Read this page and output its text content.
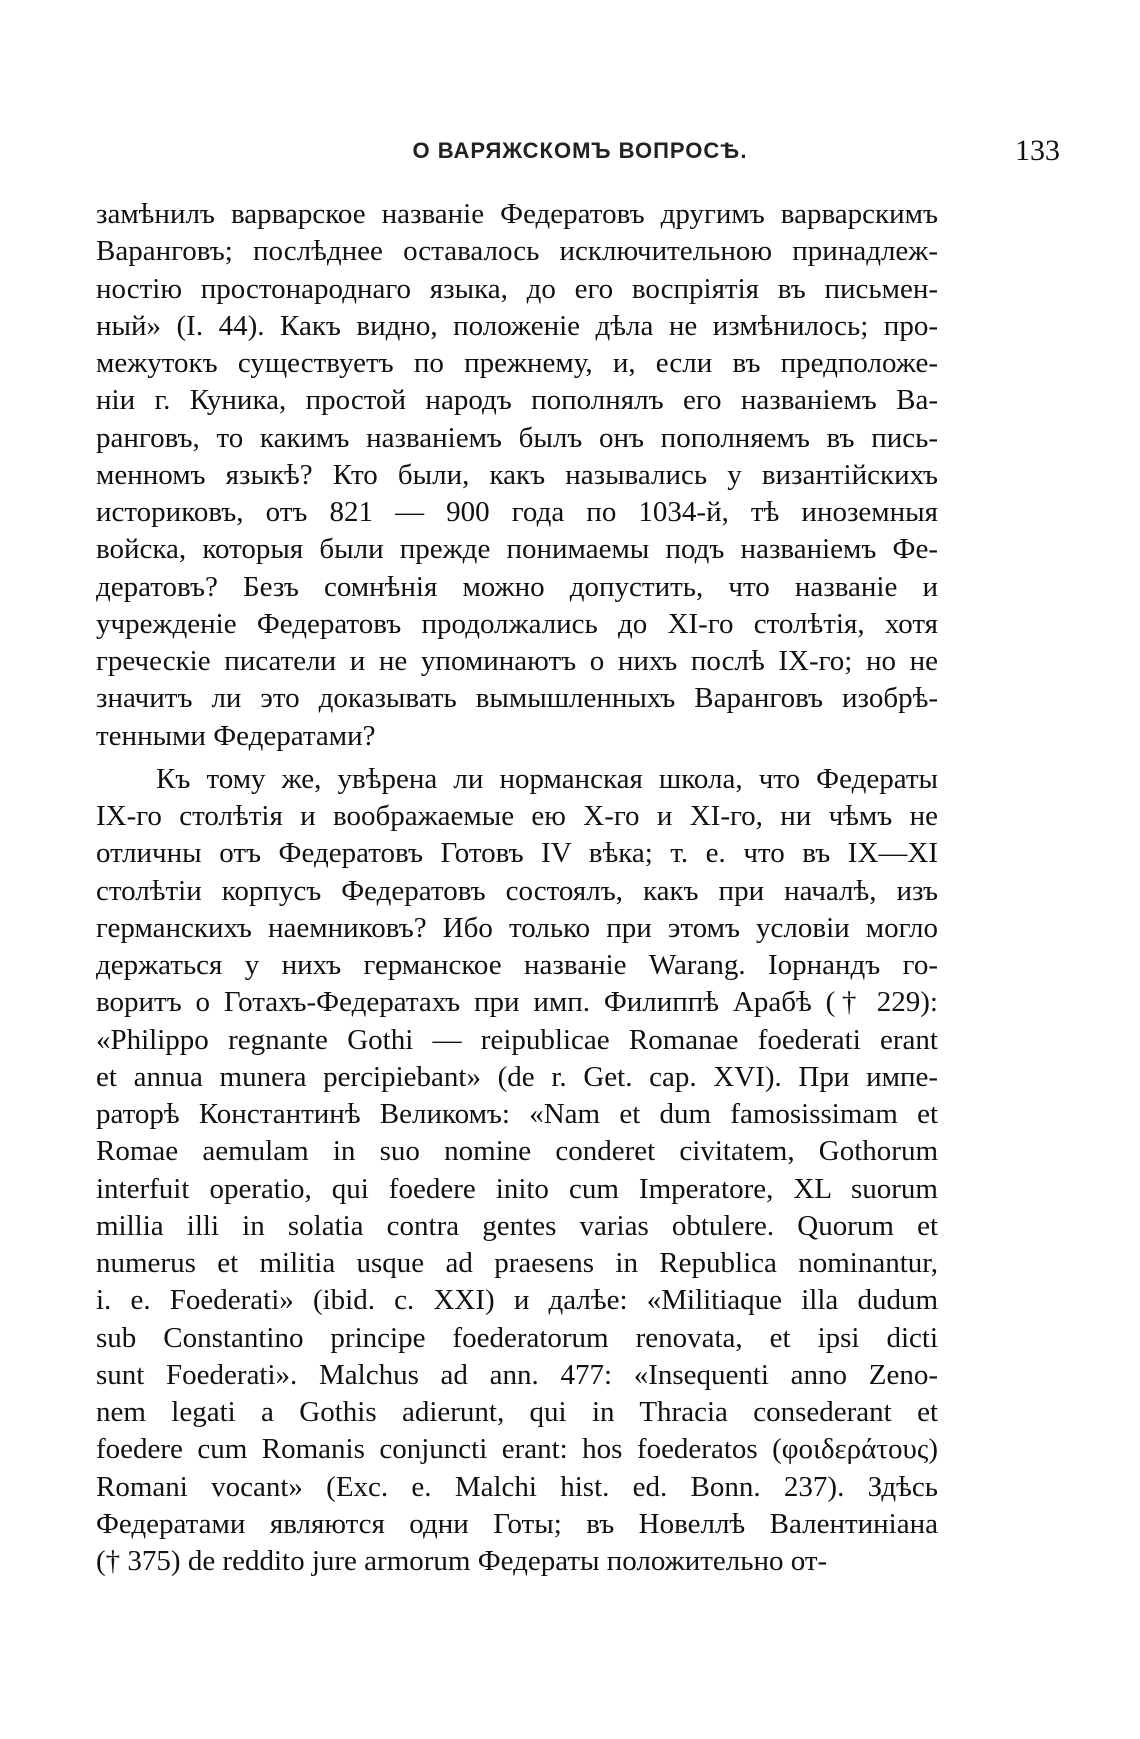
О ВАРЯЖСКОМЪ ВОПРОСѢ.	133
замѣнилъ варварское названіе Федератовъ другимъ варварскимъ
Варанговъ; послѣднее оставалось исключительною принадлеж-
ностію простонароднаго языка, до его воспріятія въ письмен-
ный» (I. 44). Какъ видно, положеніе дѣла не измѣнилось; про-
межутокъ существуетъ по прежнему, и, если въ предположе-
ніи г. Куника, простой народъ пополнялъ его названіемъ Ва-
ранговъ, то какимъ названіемъ былъ онъ пополняемъ въ пись-
менномъ языкѣ? Кто были, какъ назывались у византійскихъ
историковъ, отъ 821 — 900 года по 1034-й, тѣ иноземныя
войска, которыя были прежде понимаемы подъ названіемъ Фе-
дератовъ? Безъ сомнѣнія можно допустить, что названіе и
учрежденіе Федератовъ продолжались до XI-го столѣтія, хотя
греческіе писатели и не упоминаютъ о нихъ послѣ IX-го; но не
значитъ ли это доказывать вымышленныхъ Варанговъ изобрѣ-
тенными Федератами?
Къ тому же, увѣрена ли норманская школа, что Федераты
IX-го столѣтія и воображаемые ею X-го и XI-го, ни чѣмъ не
отличны отъ Федератовъ Готовъ IV вѣка; т. е. что въ IX—XI
столѣтіи корпусъ Федератовъ состоялъ, какъ при началѣ, изъ
германскихъ наемниковъ? Ибо только при этомъ условіи могло
держаться у нихъ германское названіе Warang. Іорнандъ го-
воритъ о Готахъ-Федератахъ при имп. Филиппѣ Арабѣ († 229):
«Philippo regnante Gothi — reipublicae Romanae foederati erant
et annua munera percipiebant» (de r. Get. cap. XVI). При импе-
раторѣ Константинѣ Великомъ: «Nam et dum famosissimam et
Romae aemulam in suo nomine conderet civitatem, Gothorum
interfuit operatio, qui foedere inito cum Imperatore, XL suorum
millia illi in solatia contra gentes varias obtulere. Quorum et
numerus et militia usque ad praesens in Republica nominantur,
i. e. Foederati» (ibid. c. XXI) и далѣе: «Militiaque illa dudum
sub Constantino principe foederatorum renovata, et ipsi dicti
sunt Foederati». Malchus ad ann. 477: «Insequenti anno Zeno-
nem legati a Gothis adierunt, qui in Thracia consederant et
foedere cum Romanis conjuncti erant: hos foederatos (φοιδεράτους)
Romani vocant» (Exc. e. Malchi hist. ed. Bonn. 237). Здѣсь
Федератами являются одни Готы; въ Новеллѣ Валентиніана
(† 375) de reddito jure armorum Федераты положительно от-
